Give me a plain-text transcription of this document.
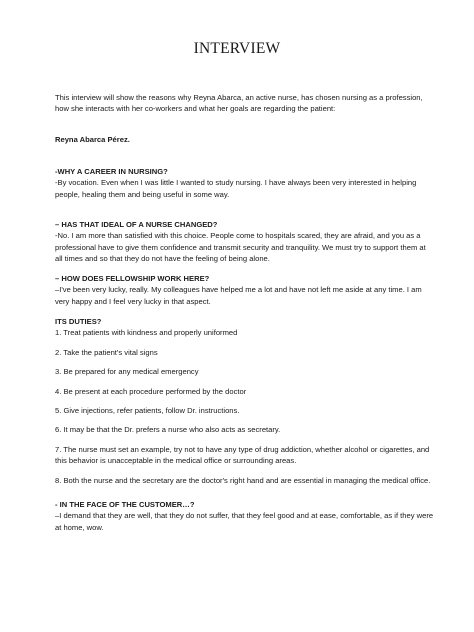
INTERVIEW

This interview will show the reasons why Reyna Abarca, an active nurse, has chosen nursing as a profession, how she interacts with her co-workers and what her goals are regarding the patient:

Reyna Abarca Pérez.

-WHY A CAREER IN NURSING?

-By vocation. Even when I was little I wanted to study nursing. I have always been very interested in helping people, healing them and being useful in some way.

– HAS THAT IDEAL OF A NURSE CHANGED?

-No. I am more than satisfied with this choice. People come to hospitals scared, they are afraid, and you as a professional have to give them confidence and transmit security and tranquility. We must try to support them at all times and so that they do not have the feeling of being alone.

– HOW DOES FELLOWSHIP WORK HERE?

–I've been very lucky, really. My colleagues have helped me a lot and have not left me aside at any time. I am very happy and I feel very lucky in that aspect.

ITS DUTIES?

1. Treat patients with kindness and properly uniformed

2. Take the patient's vital signs

3. Be prepared for any medical emergency

4. Be present at each procedure performed by the doctor

5. Give injections, refer patients, follow Dr. instructions.

6. It may be that the Dr. prefers a nurse who also acts as secretary.

7. The nurse must set an example, try not to have any type of drug addiction, whether alcohol or cigarettes, and this behavior is unacceptable in the medical office or surrounding areas.

8. Both the nurse and the secretary are the doctor's right hand and are essential in managing the medical office.

- IN THE FACE OF THE CUSTOMER…?

–I demand that they are well, that they do not suffer, that they feel good and at ease, comfortable, as if they were at home, wow.
